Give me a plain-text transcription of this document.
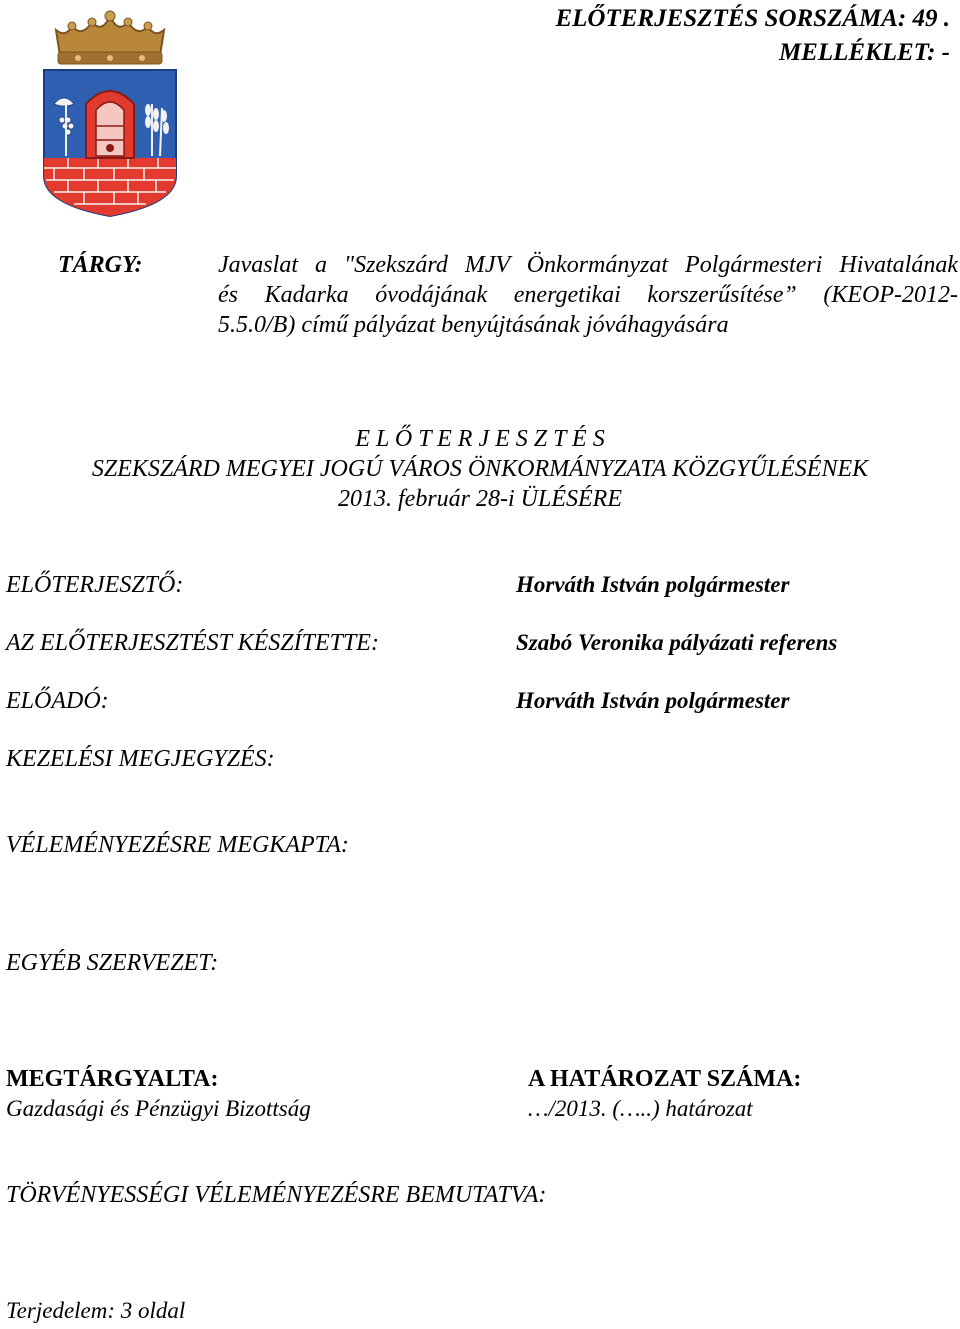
ELŐTERJESZTÉS SORSZÁMA: 49 .
MELLÉKLET: -
TÁRGY:	Javaslat a "Szekszárd MJV Önkormányzat Polgármesteri Hivatalának
és Kadarka óvodájának energetikai korszerűsítése” (KEOP-2012-
5.5.0/B) című pályázat benyújtásának jóváhagyására
E L Ő T E R J E S Z T É S
SZEKSZÁRD MEGYEI JOGÚ VÁROS ÖNKORMÁNYZATA KÖZGYŰLÉSÉNEK
2013. február 28-i ÜLÉSÉRE
ELŐTERJESZTŐ:	Horváth István polgármester
AZ ELŐTERJESZTÉST KÉSZÍTETTE:	Szabó Veronika pályázati referens
ELŐADÓ:	Horváth István polgármester
KEZELÉSI MEGJEGYZÉS:
VÉLEMÉNYEZÉSRE MEGKAPTA:
EGYÉB SZERVEZET:
MEGTÁRGYALTA:
Gazdasági és Pénzügyi Bizottság
A HATÁROZAT SZÁMA:
…/2013. (…..) határozat
TÖRVÉNYESSÉGI VÉLEMÉNYEZÉSRE BEMUTATVA:
Terjedelem: 3 oldal
